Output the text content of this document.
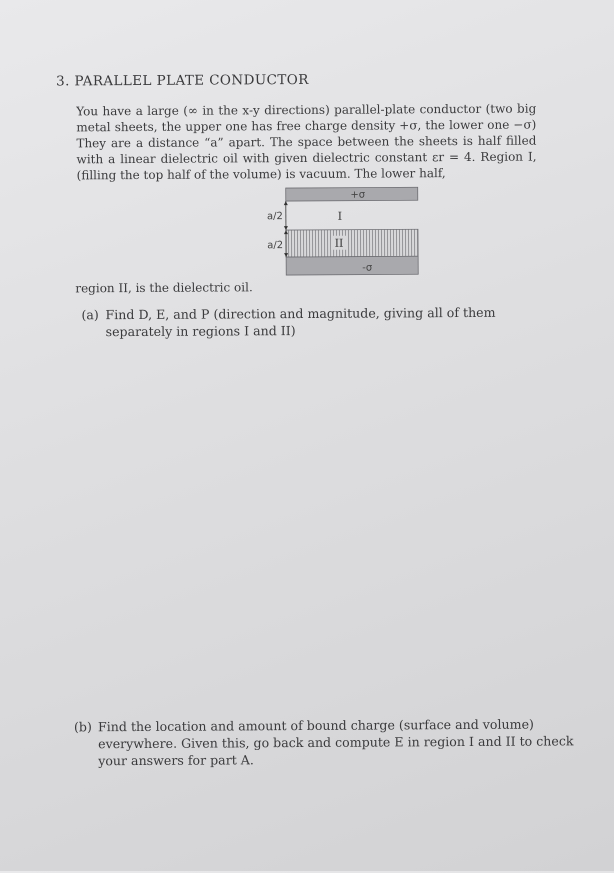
3. PARALLEL PLATE CONDUCTOR
You have a large (∞ in the x-y directions) parallel-plate conductor (two big metal sheets, the upper one has free charge density +σ, the lower one −σ) They are a distance “a” apart. The space between the sheets is half filled with a linear dielectric oil with given dielectric constant εr = 4. Region I, (filling the top half of the volume) is vacuum. The lower half,
+σ
I
II
-σ
a/2
a/2
region II, is the dielectric oil.
(a) Find D, E, and P (direction and magnitude, giving all of them separately in regions I and II)
(b) Find the location and amount of bound charge (surface and volume) everywhere. Given this, go back and compute E in region I and II to check your answers for part A.
